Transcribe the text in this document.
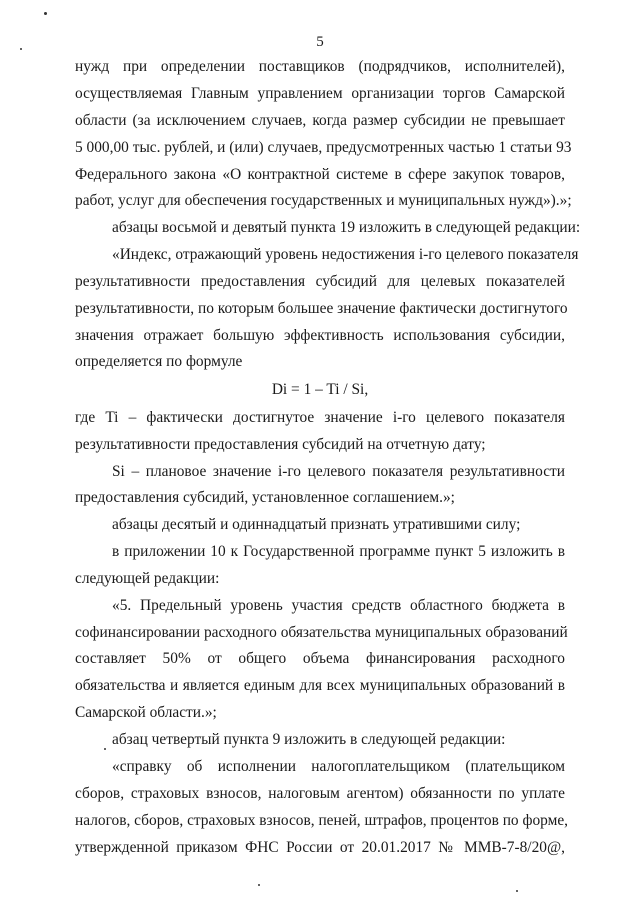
5
нужд при определении поставщиков (подрядчиков, исполнителей),
осуществляемая Главным управлением организации торгов Самарской
области (за исключением случаев, когда размер субсидии не превышает
5 000,00 тыс. рублей, и (или) случаев, предусмотренных частью 1 статьи 93
Федерального закона «О контрактной системе в сфере закупок товаров,
работ, услуг для обеспечения государственных и муниципальных нужд»).»;
абзацы восьмой и девятый пункта 19 изложить в следующей редакции:
«Индекс, отражающий уровень недостижения i-го целевого показателя
результативности предоставления субсидий для целевых показателей
результативности, по которым большее значение фактически достигнутого
значения отражает большую эффективность использования субсидии,
определяется по формуле
Di = 1 – Ti / Si,
где Ti – фактически достигнутое значение i-го целевого показателя
результативности предоставления субсидий на отчетную дату;
Si – плановое значение i-го целевого показателя результативности
предоставления субсидий, установленное соглашением.»;
абзацы десятый и одиннадцатый признать утратившими силу;
в приложении 10 к Государственной программе пункт 5 изложить в
следующей редакции:
«5. Предельный уровень участия средств областного бюджета в
софинансировании расходного обязательства муниципальных образований
составляет 50% от общего объема финансирования расходного
обязательства и является единым для всех муниципальных образований в
Самарской области.»;
абзац четвертый пункта 9 изложить в следующей редакции:
«справку об исполнении налогоплательщиком (плательщиком
сборов, страховых взносов, налоговым агентом) обязанности по уплате
налогов, сборов, страховых взносов, пеней, штрафов, процентов по форме,
утвержденной приказом ФНС России от 20.01.2017 № ММВ-7-8/20@,
